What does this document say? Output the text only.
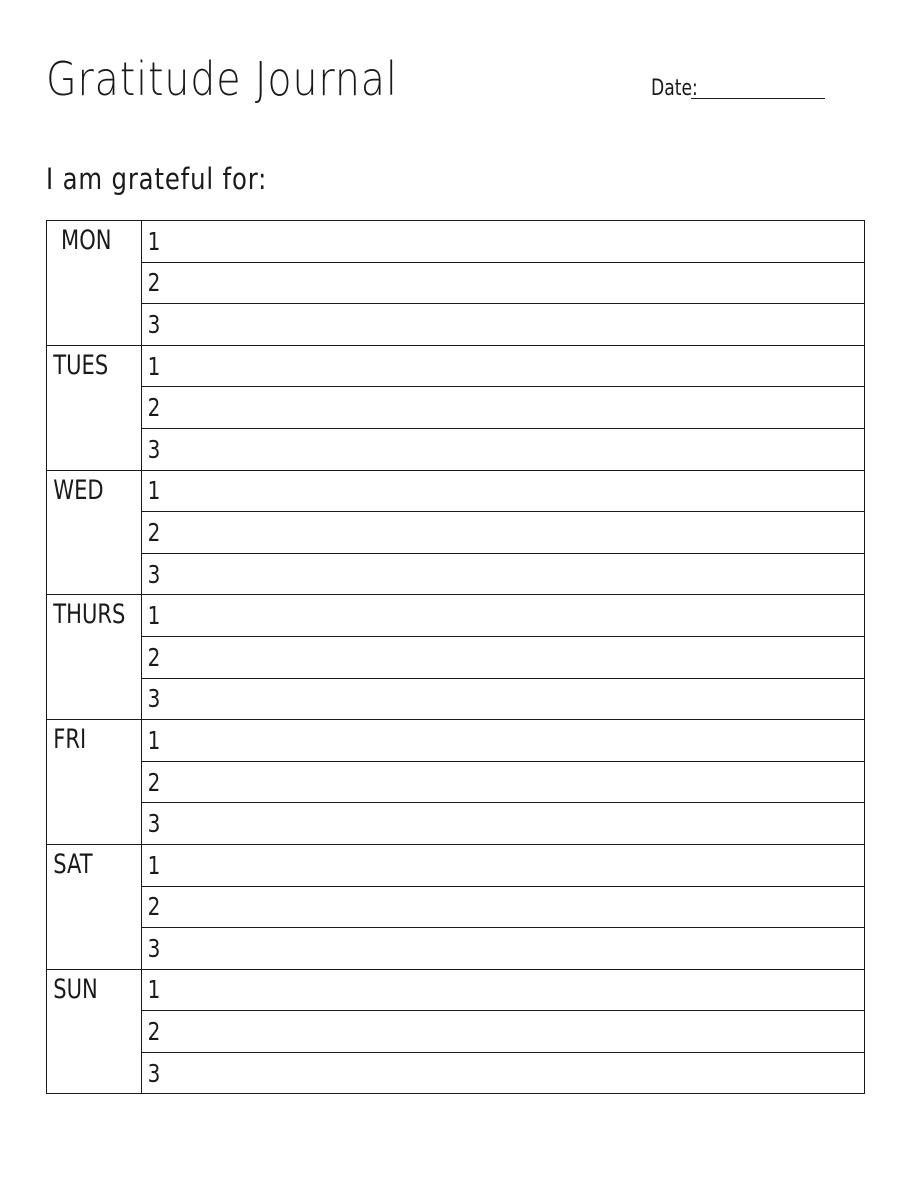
Gratitude Journal	Date:
I am grateful for:
MON	1
	2
	3
TUES	1
	2
	3
WED	1
	2
	3
THURS	1
	2
	3
FRI	1
	2
	3
SAT	1
	2
	3
SUN	1
	2
	3
